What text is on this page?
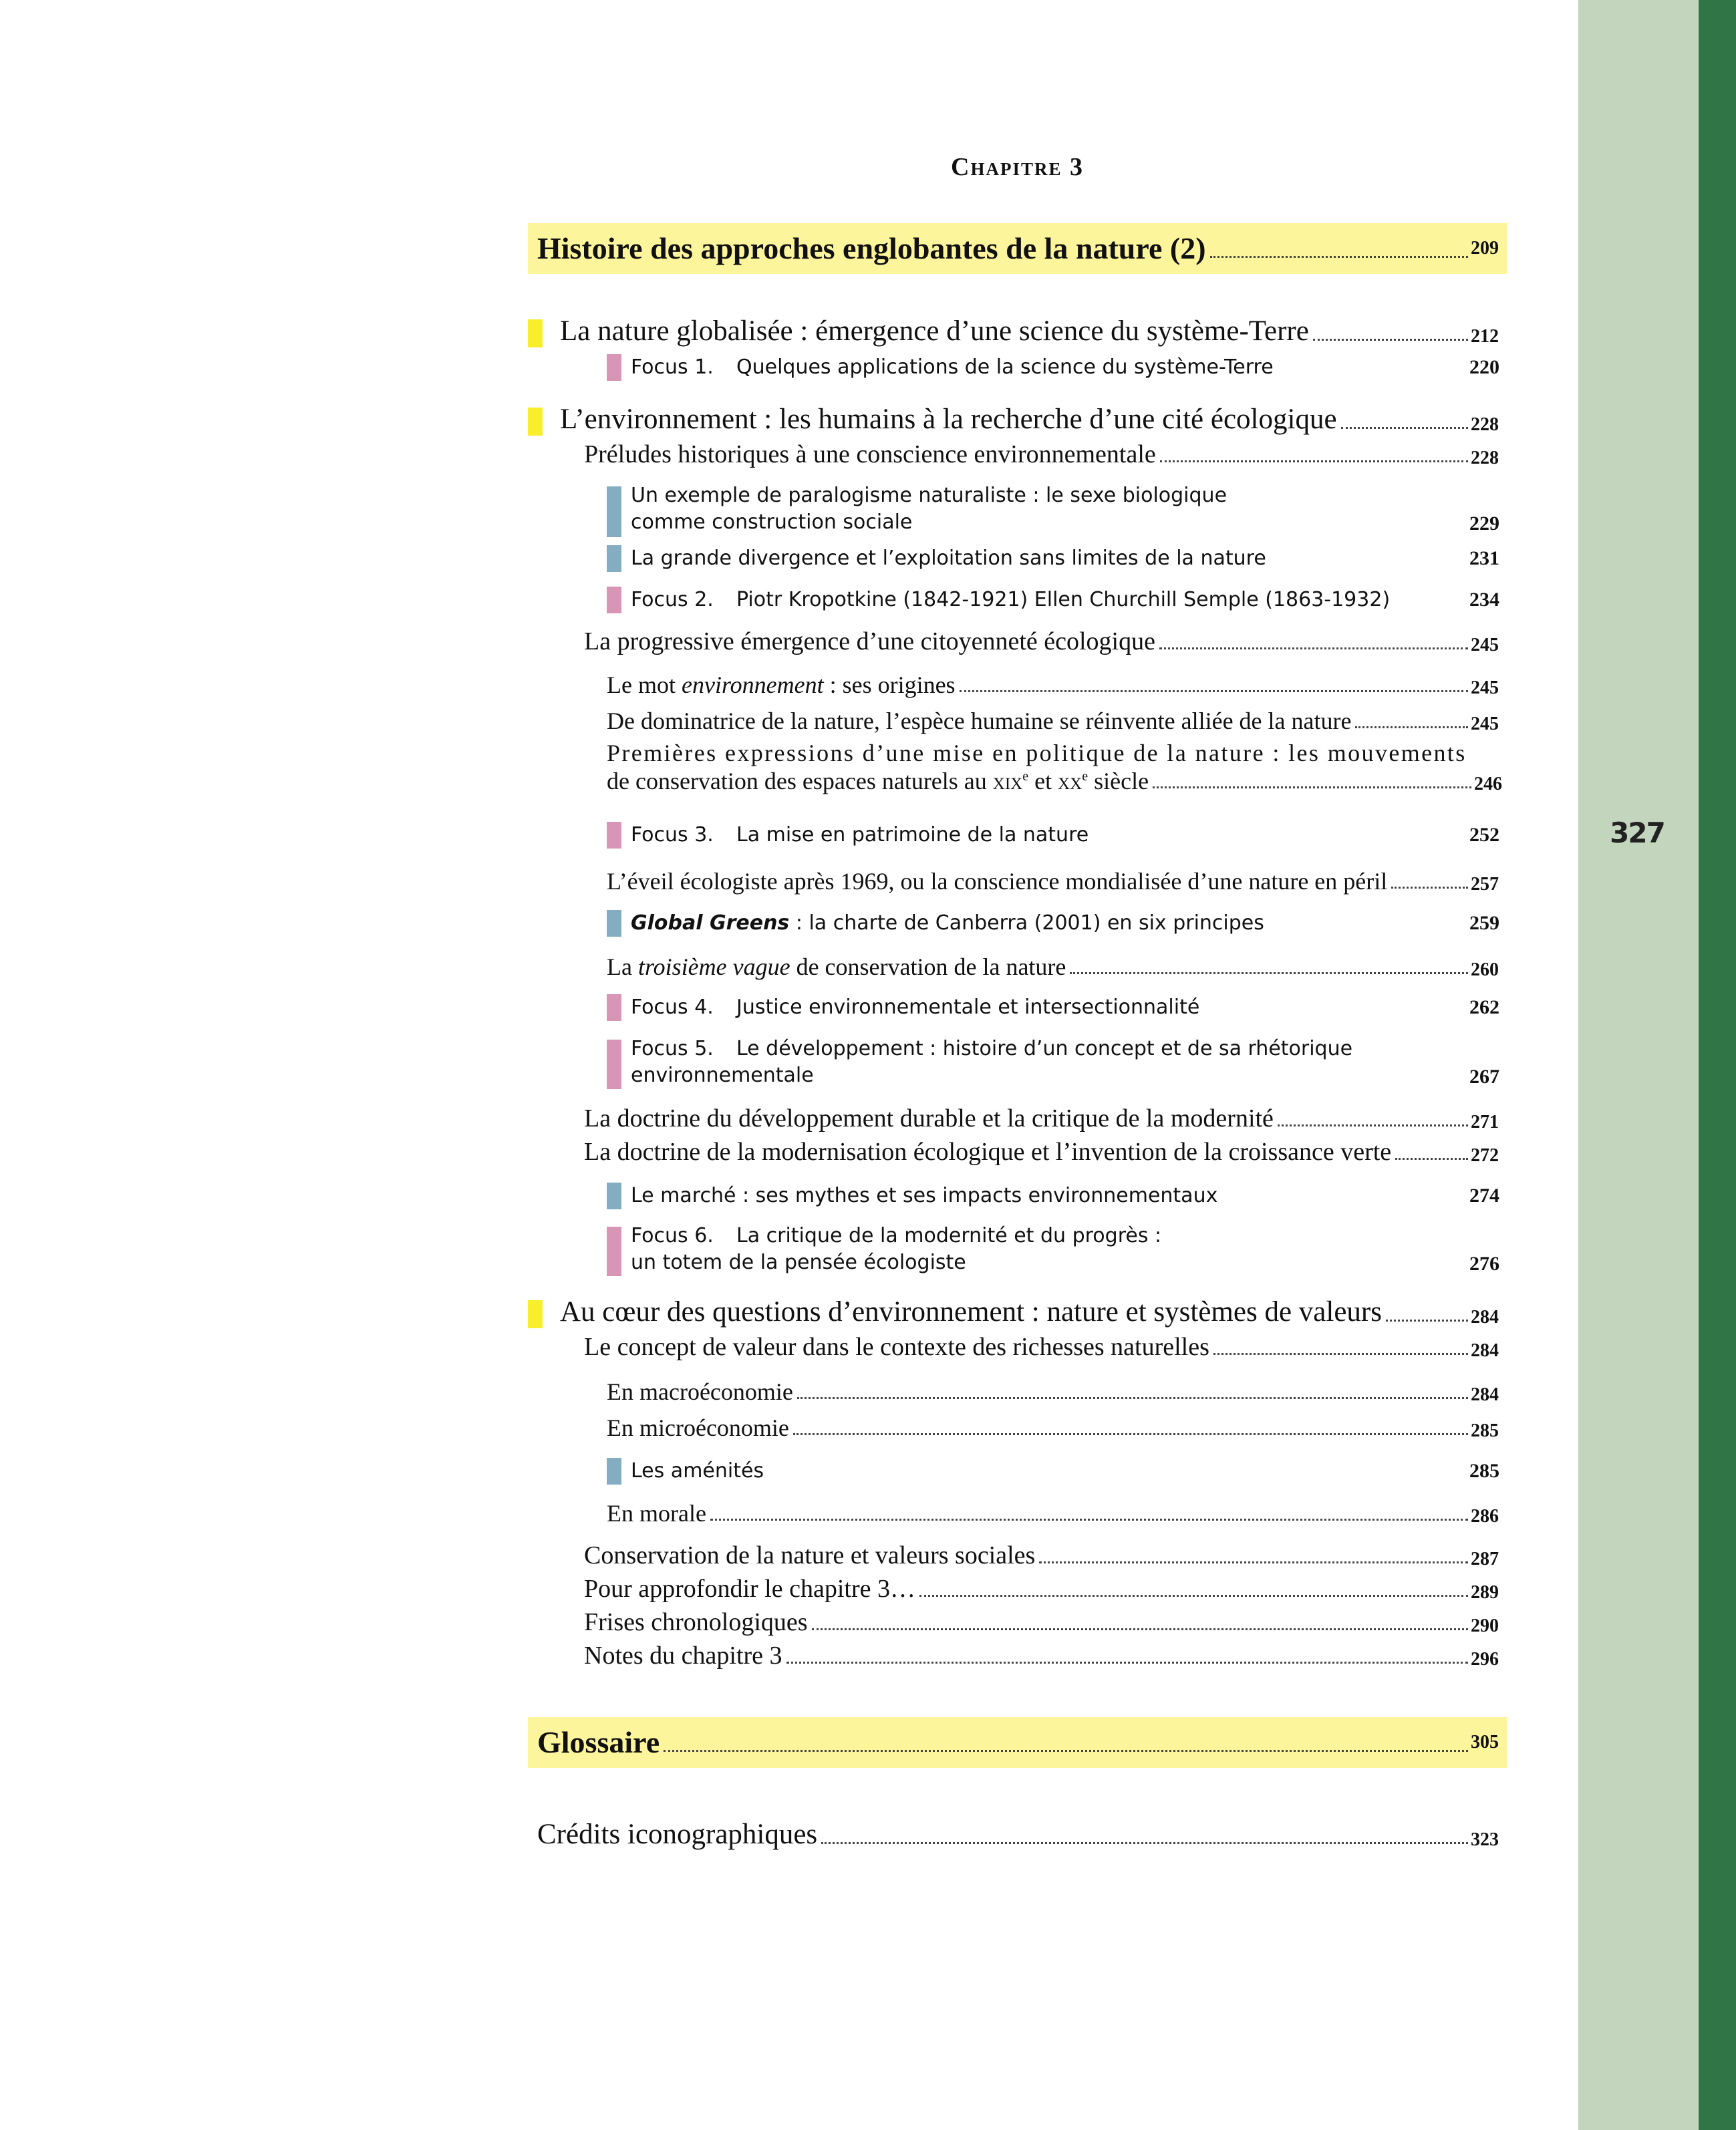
327
Chapitre 3
Histoire des approches englobantes de la nature (2)	209
La nature globalisée : émergence d’une science du système-Terre	212
Focus 1. Quelques applications de la science du système-Terre	220
L’environnement : les humains à la recherche d’une cité écologique	228
Préludes historiques à une conscience environnementale	228
Un exemple de paralogisme naturaliste : le sexe biologique
comme construction sociale	229
La grande divergence et l’exploitation sans limites de la nature	231
Focus 2. Piotr Kropotkine (1842-1921) Ellen Churchill Semple (1863-1932)	234
La progressive émergence d’une citoyenneté écologique	245
Le mot environnement : ses origines	245
De dominatrice de la nature, l’espèce humaine se réinvente alliée de la nature	245
Premières expressions d’une mise en politique de la nature : les mouvements
de conservation des espaces naturels au xix$^e$ et $xx^e$ siècle	246
Focus 3. La mise en patrimoine de la nature	252
L’éveil écologiste après 1969, ou la conscience mondialisée d’une nature en péril	257
Global Greens : la charte de Canberra (2001) en six principes	259
La troisième vague de conservation de la nature	260
Focus 4. Justice environnementale et intersectionnalité	262
Focus 5. Le développement : histoire d’un concept et de sa rhétorique
environnementale	267
La doctrine du développement durable et la critique de la modernité	271
La doctrine de la modernisation écologique et l’invention de la croissance verte	272
Le marché : ses mythes et ses impacts environnementaux	274
Focus 6. La critique de la modernité et du progrès :
un totem de la pensée écologiste	276
Au cœur des questions d’environnement : nature et systèmes de valeurs	284
Le concept de valeur dans le contexte des richesses naturelles	284
En macroéconomie	284
En microéconomie	285
Les aménités	285
En morale	286
Conservation de la nature et valeurs sociales	287
Pour approfondir le chapitre 3…	289
Frises chronologiques	290
Notes du chapitre 3	296
Glossaire	305
Crédits iconographiques	323
